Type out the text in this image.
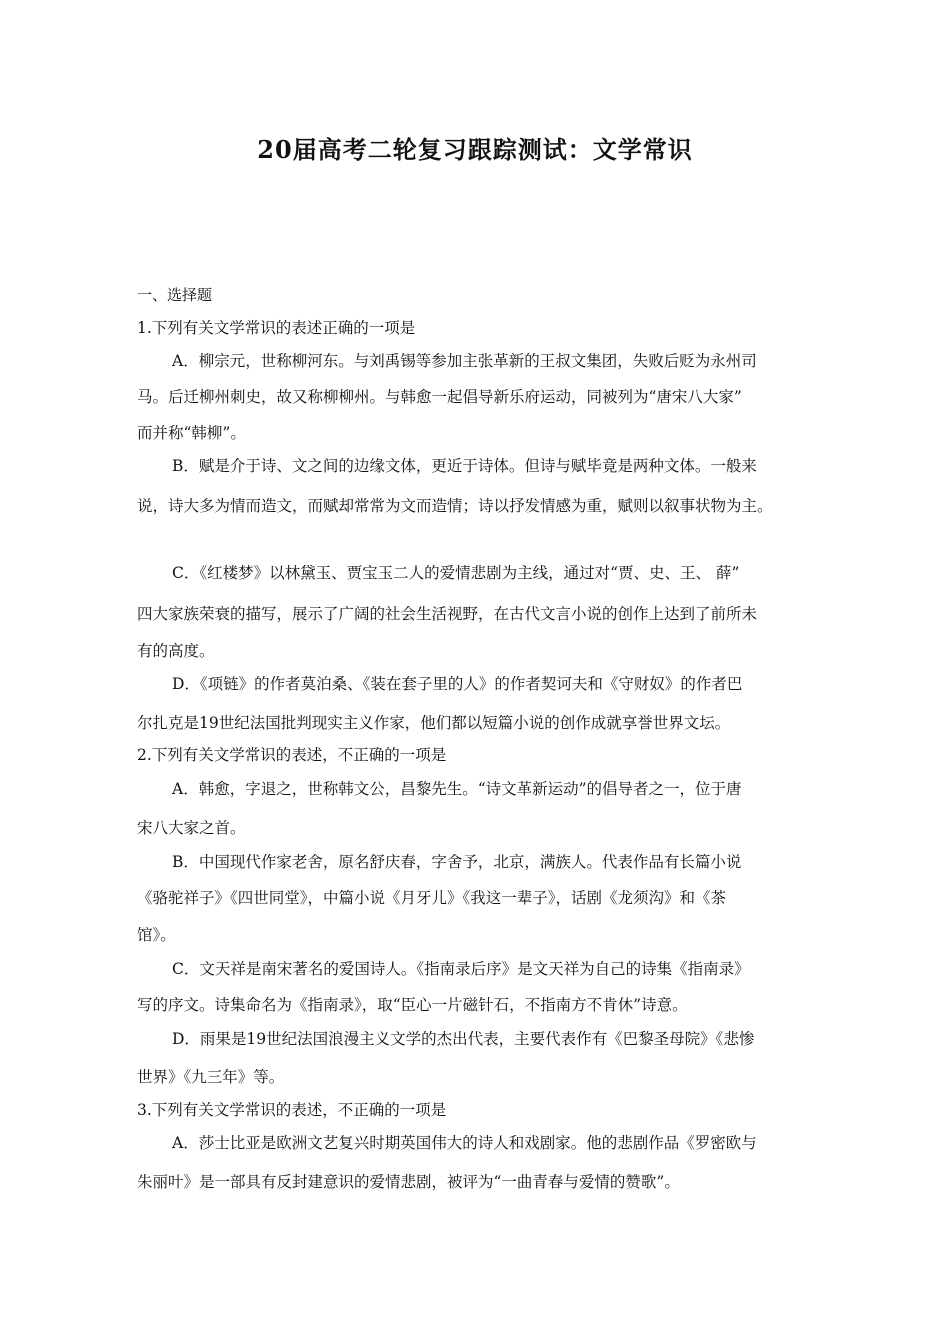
20届高考二轮复习跟踪测试：文学常识
一、选择题
1.下列有关文学常识的表述正确的一项是
A．柳宗元，世称柳河东。与刘禹锡等参加主张革新的王叔文集团，失败后贬为永州司
马。后迁柳州刺史，故又称柳柳州。与韩愈一起倡导新乐府运动，同被列为“唐宋八大家”
而并称“韩柳”。
B．赋是介于诗、文之间的边缘文体，更近于诗体。但诗与赋毕竟是两种文体。一般来
说，诗大多为情而造文，而赋却常常为文而造情；诗以抒发情感为重，赋则以叙事状物为主。
C．《红楼梦》以林黛玉、贾宝玉二人的爱情悲剧为主线，通过对“贾、史、王、 薛”
四大家族荣衰的描写，展示了广阔的社会生活视野，在古代文言小说的创作上达到了前所未
有的高度。
D．《项链》的作者莫泊桑、《装在套子里的人》的作者契诃夫和《守财奴》的作者巴
尔扎克是19世纪法国批判现实主义作家，他们都以短篇小说的创作成就享誉世界文坛。
2.下列有关文学常识的表述，不正确的一项是
A．韩愈，字退之，世称韩文公，昌黎先生。“诗文革新运动”的倡导者之一，位于唐
宋八大家之首。
B．中国现代作家老舍，原名舒庆春，字舍予，北京，满族人。代表作品有长篇小说
《骆驼祥子》《四世同堂》，中篇小说《月牙儿》《我这一辈子》，话剧《龙须沟》和《茶
馆》。
C．文天祥是南宋著名的爱国诗人。《指南录后序》是文天祥为自己的诗集《指南录》
写的序文。诗集命名为《指南录》，取“臣心一片磁针石，不指南方不肯休”诗意。
D．雨果是19世纪法国浪漫主义文学的杰出代表，主要代表作有《巴黎圣母院》《悲惨
世界》《九三年》等。
3.下列有关文学常识的表述，不正确的一项是
A．莎士比亚是欧洲文艺复兴时期英国伟大的诗人和戏剧家。他的悲剧作品《罗密欧与
朱丽叶》是一部具有反封建意识的爱情悲剧，被评为“一曲青春与爱情的赞歌”。
